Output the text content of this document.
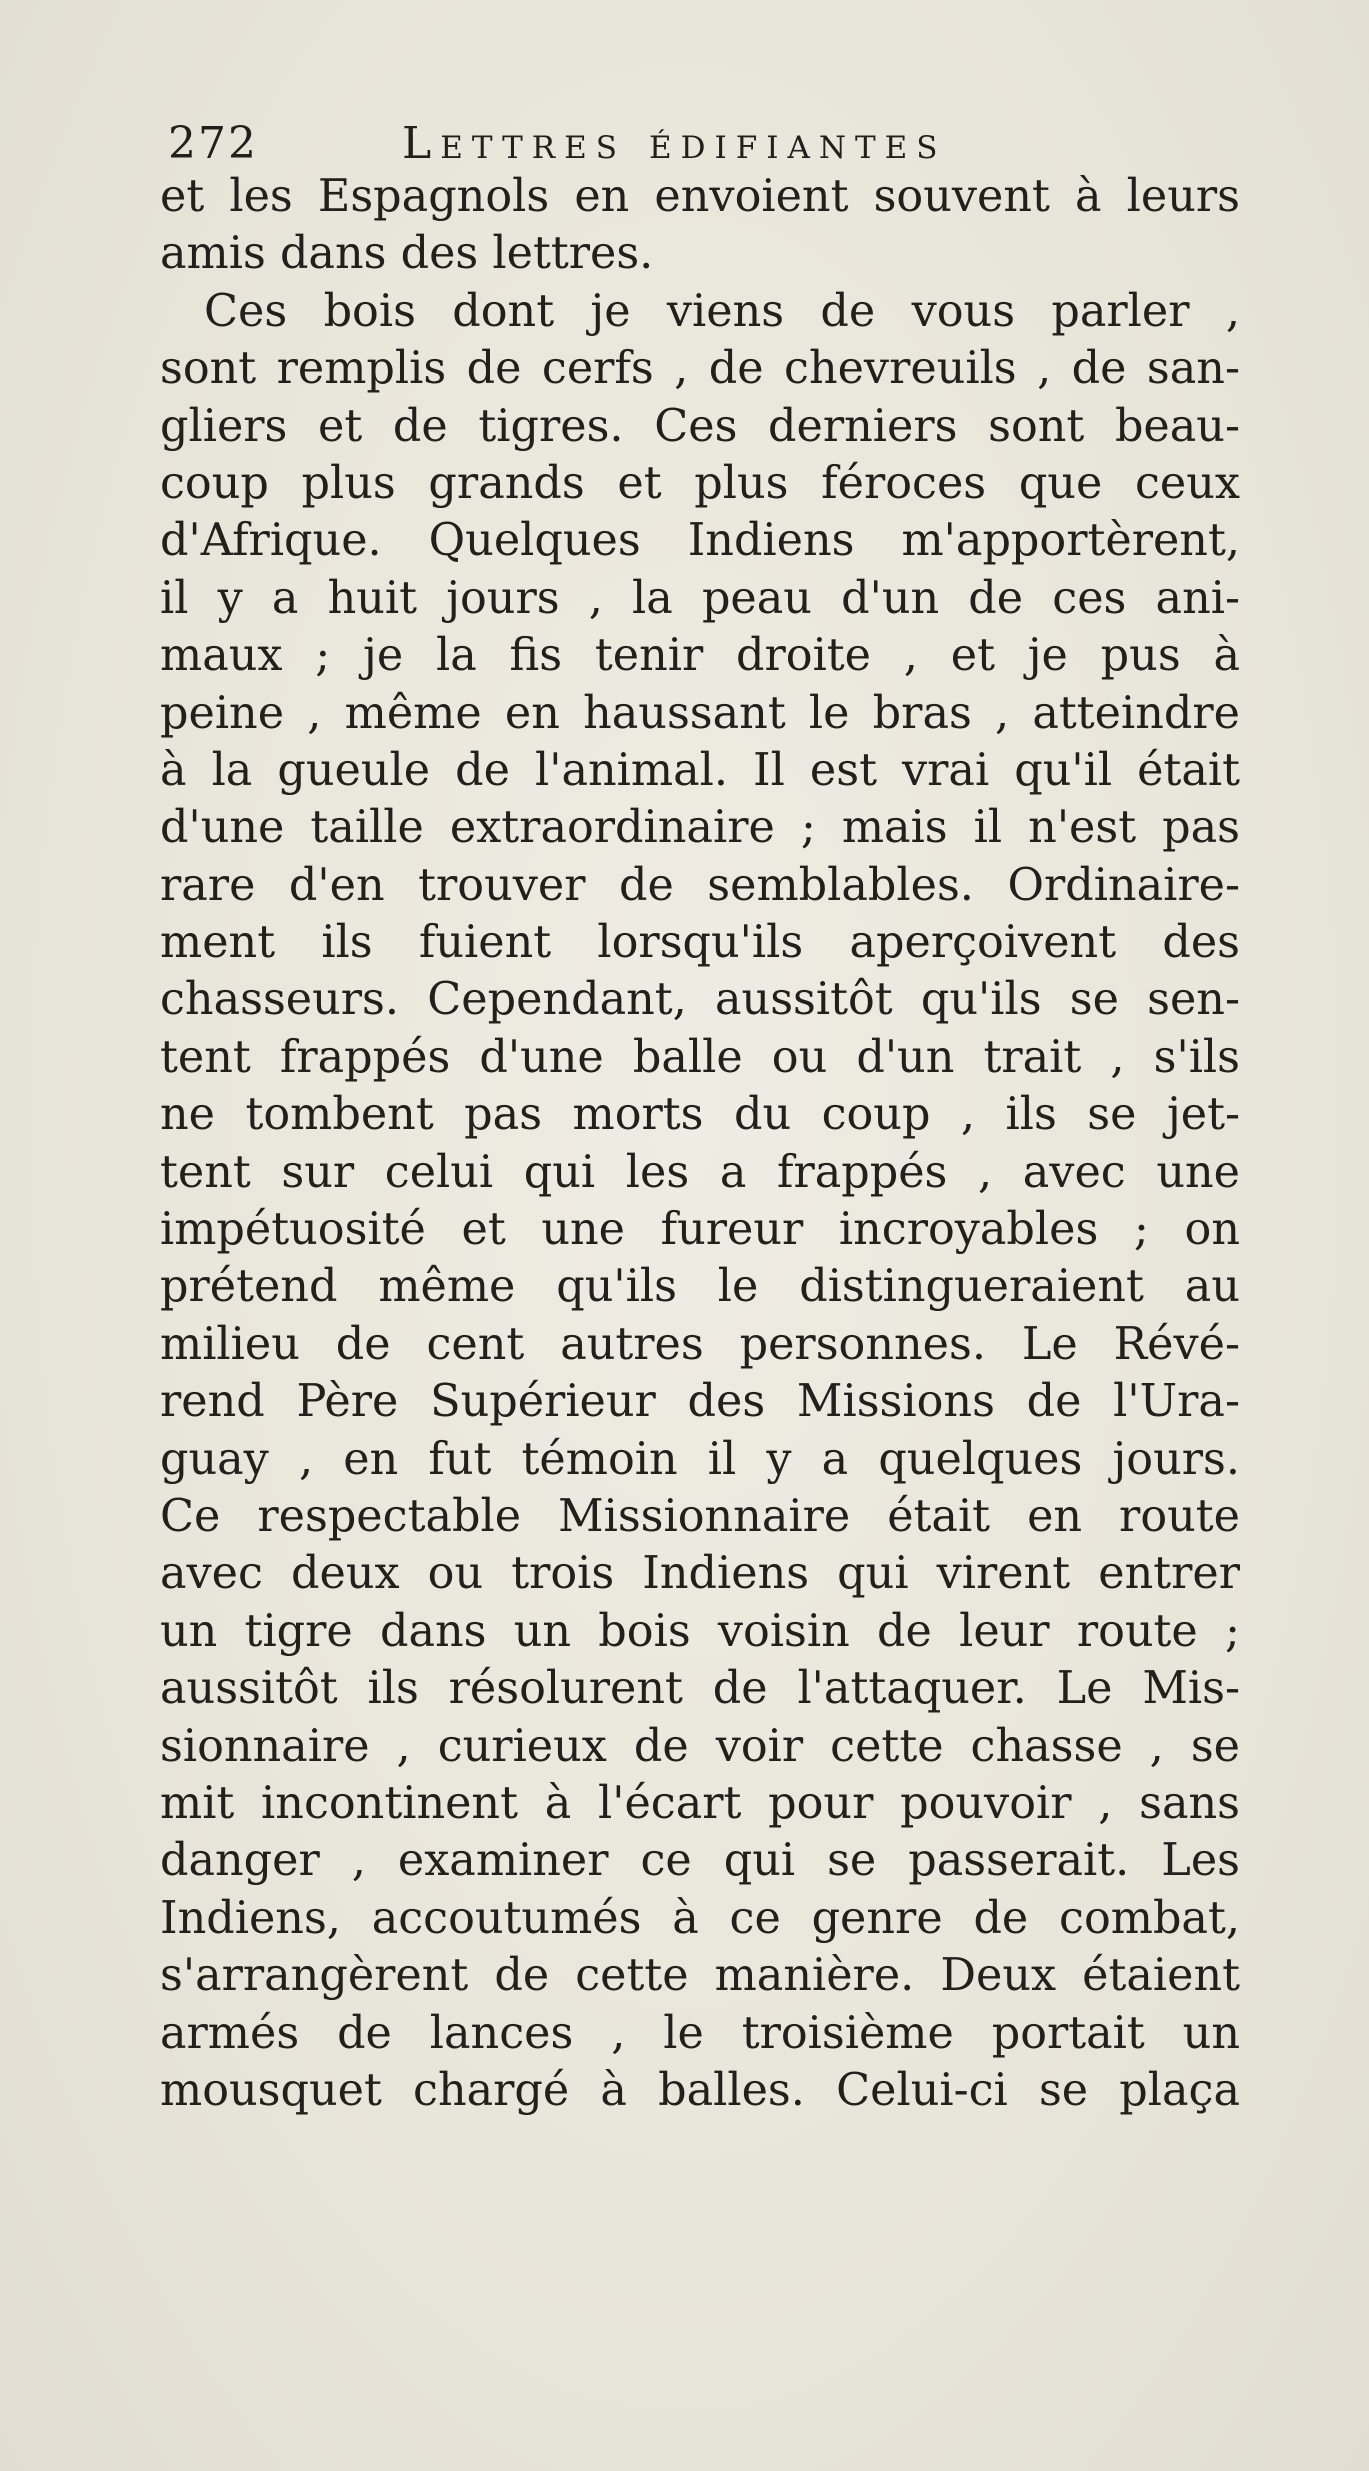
272	Lettres édifiantes
et les Espagnols en envoient souvent à leurs
amis dans des lettres.
Ces bois dont je viens de vous parler ,
sont remplis de cerfs , de chevreuils , de san-
gliers et de tigres. Ces derniers sont beau-
coup plus grands et plus féroces que ceux
d'Afrique. Quelques Indiens m'apportèrent,
il y a huit jours , la peau d'un de ces ani-
maux ; je la fis tenir droite , et je pus à
peine , même en haussant le bras , atteindre
à la gueule de l'animal. Il est vrai qu'il était
d'une taille extraordinaire ; mais il n'est pas
rare d'en trouver de semblables. Ordinaire-
ment ils fuient lorsqu'ils aperçoivent des
chasseurs. Cependant, aussitôt qu'ils se sen-
tent frappés d'une balle ou d'un trait , s'ils
ne tombent pas morts du coup , ils se jet-
tent sur celui qui les a frappés , avec une
impétuosité et une fureur incroyables ; on
prétend même qu'ils le distingueraient au
milieu de cent autres personnes. Le Révé-
rend Père Supérieur des Missions de l'Ura-
guay , en fut témoin il y a quelques jours.
Ce respectable Missionnaire était en route
avec deux ou trois Indiens qui virent entrer
un tigre dans un bois voisin de leur route ;
aussitôt ils résolurent de l'attaquer. Le Mis-
sionnaire , curieux de voir cette chasse , se
mit incontinent à l'écart pour pouvoir , sans
danger , examiner ce qui se passerait. Les
Indiens, accoutumés à ce genre de combat,
s'arrangèrent de cette manière. Deux étaient
armés de lances , le troisième portait un
mousquet chargé à balles. Celui-ci se plaça
